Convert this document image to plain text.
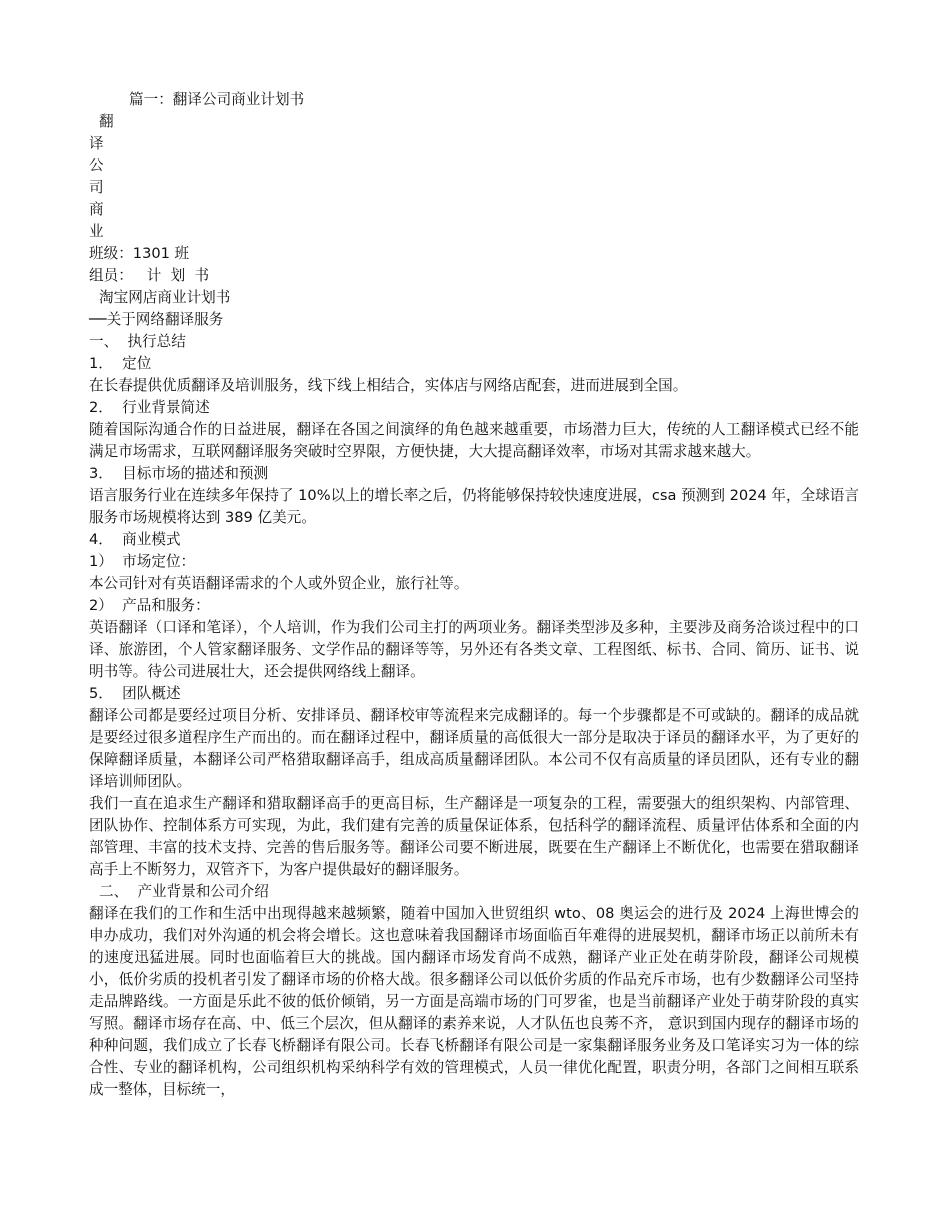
篇一：翻译公司商业计划书
翻
译
公
司
商
业
班级：1301 班
组员：   计  划  书
淘宝网店商业计划书
──关于网络翻译服务
一、  执行总结
1．  定位
在长春提供优质翻译及培训服务，线下线上相结合，实体店与网络店配套，进而进展到全国。
2．  行业背景简述
随着国际沟通合作的日益进展，翻译在各国之间演绎的角色越来越重要，市场潜力巨大，传统的人工翻译模式已经不能满足市场需求，互联网翻译服务突破时空界限，方便快捷，大大提高翻译效率，市场对其需求越来越大。
3．  目标市场的描述和预测
语言服务行业在连续多年保持了 10%以上的增长率之后，仍将能够保持较快速度进展，csa 预测到 2024 年，全球语言服务市场规模将达到 389 亿美元。
4．  商业模式
1）  市场定位：
本公司针对有英语翻译需求的个人或外贸企业，旅行社等。
2）  产品和服务：
英语翻译（口译和笔译），个人培训，作为我们公司主打的两项业务。翻译类型涉及多种，主要涉及商务洽谈过程中的口译、旅游团，个人管家翻译服务、文学作品的翻译等等，另外还有各类文章、工程图纸、标书、合同、简历、证书、说明书等。待公司进展壮大，还会提供网络线上翻译。
5．  团队概述
翻译公司都是要经过项目分析、安排译员、翻译校审等流程来完成翻译的。每一个步骤都是不可或缺的。翻译的成品就是要经过很多道程序生产而出的。而在翻译过程中，翻译质量的高低很大一部分是取决于译员的翻译水平，为了更好的保障翻译质量，本翻译公司严格猎取翻译高手，组成高质量翻译团队。本公司不仅有高质量的译员团队，还有专业的翻译培训师团队。
我们一直在追求生产翻译和猎取翻译高手的更高目标，生产翻译是一项复杂的工程，需要强大的组织架构、内部管理、团队协作、控制体系方可实现，为此，我们建有完善的质量保证体系，包括科学的翻译流程、质量评估体系和全面的内部管理、丰富的技术支持、完善的售后服务等。翻译公司要不断进展，既要在生产翻译上不断优化，也需要在猎取翻译高手上不断努力，双管齐下，为客户提供最好的翻译服务。
二、  产业背景和公司介绍
翻译在我们的工作和生活中出现得越来越频繁，随着中国加入世贸组织 wto、08 奥运会的进行及 2024 上海世博会的申办成功，我们对外沟通的机会将会增长。这也意味着我国翻译市场面临百年难得的进展契机，翻译市场正以前所未有的速度迅猛进展。同时也面临着巨大的挑战。国内翻译市场发育尚不成熟，翻译产业正处在萌芽阶段，翻译公司规模小，低价劣质的投机者引发了翻译市场的价格大战。很多翻译公司以低价劣质的作品充斥市场，也有少数翻译公司坚持走品牌路线。一方面是乐此不彼的低价倾销，另一方面是高端市场的门可罗雀，也是当前翻译产业处于萌芽阶段的真实写照。翻译市场存在高、中、低三个层次，但从翻译的素养来说，人才队伍也良莠不齐， 意识到国内现存的翻译市场的种种问题，我们成立了长春飞桥翻译有限公司。长春飞桥翻译有限公司是一家集翻译服务业务及口笔译实习为一体的综合性、专业的翻译机构，公司组织机构采纳科学有效的管理模式，人员一律优化配置，职责分明，各部门之间相互联系成一整体，目标统一，
